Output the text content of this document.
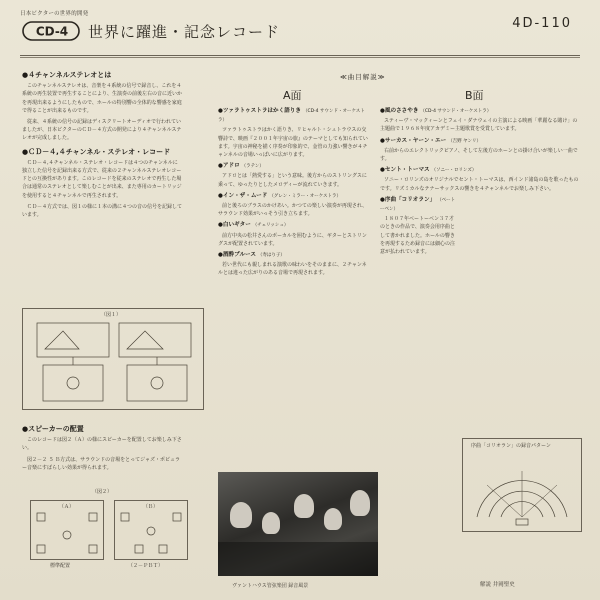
日本ビクターの世界的開発
CD-4 世界に躍進・記念レコード	4D-110
●４チャンネルステレオとは

このチャンネルステレオは、音楽を４系統の信号で録音し、これを４系統の再生装置で再生することにより、生演奏の前後左右の音に近いかを再現出来るようにしたもので、ホールの特別響の全体的な響感を家庭で得ることが出来るものです。

従来、４系統の信号の記録はディスクリートオーディオで行われていましたが、日本ビクターのＣＤ－４方式の開発により４チャンネルステレオが完成しました。

●ＣＤ－４,４チャンネル・ステレオ・レコード

ＣＤ－４,４チャンネル・ステレオ・レコードは４つのチャンネルに独立した信号を記録出来る方式で、従来の２チャンネルステレオレコードとの互換性があります。このレコードを従来のステレオで再生した場合は通常のステレオとして楽しむことが出来、また専用のカートリッジを使用すると４チャンネルで再生されます。

ＣＤ－４方式では、図１の様に１本の溝に４つの音の信号を記録しています。

（図１）
●スピーカーの配置

このレコードは図２（Ａ）の様にスピーカーを配置してお楽しみ下さい。

図２－２ ５ Ｂ方式は、サラウンドの音場をとってジャズ・ポピュラー音楽にすばらしい効果が得られます。

（図２）
（Ａ）	（Ｂ）
標準配置	（２－ＰＢＴ）
≪曲目解説≫
A面	B面
●ツァラトゥストラはかく語りき （CD-4 サウンド・オーケストラ）

ツァラトゥストラはかく語りき、リヒャルト・シュトラウスの交響詩で、映画『２００１年宇宙の旅』のテーマとしても知られています。宇宙の神秘を描く序奏が印象的で、金管の力強い響きが４チャンネルの音場いっぱいに広がります。

●アドロ （ラテン）

アドロとは「熱愛する」という意味。後方からのストリングスに乗って、ゆったりとしたメロディーが流れていきます。

●イン・ザ・ムード （グレン・ミラー・オーケストラ）

前と後ろのブラスのかけあい。かつての楽しい演奏が再現され、サラウンド効果がいっそう引き立ちます。

●白いギター （チェリッシュ）

前方中央の松井さんのボーカルを囲むように、ギターとストリングスが配置されています。

●酒酔ブルース （寿はり子）

若い世代にも親しまれる演歌の味わいをそのままに、２チャンネルとは違った広がりのある音場で再現されます。

ヴァントハウス管弦楽団 録音風景
●風のささやき （CD-4 サウンド・オーケストラ）

スティーヴ・マックィーンとフェイ・ダナウェイの主演による映画「華麗なる賭け」の主題曲で１９６８年度アカデミー主題歌賞を受賞しています。

●サーカス・ヤーン・エー （吉野 ヤンリ）

右前からのエレクトリックピアノ、そして左後方のホーンとの掛け合いが楽しい一曲です。

●セント・トーマス （ソニー・ロリンズ）

ソニー・ロリンズのオリジナルでセント・トーマスは、西インド諸島の島を歌ったものです。リズミカルなテナーサックスの響きを４チャンネルでお楽しみ下さい。

●序曲「コリオラン」 （ベートーベン）

１８０７年ベートーベン３７才のときの作品で、演奏会用序曲として書かれました。ホールの響きを再現するため録音には細心の注意が払われています。

序曲「コリオラン」の録音パターン
解説 井岡聖史
